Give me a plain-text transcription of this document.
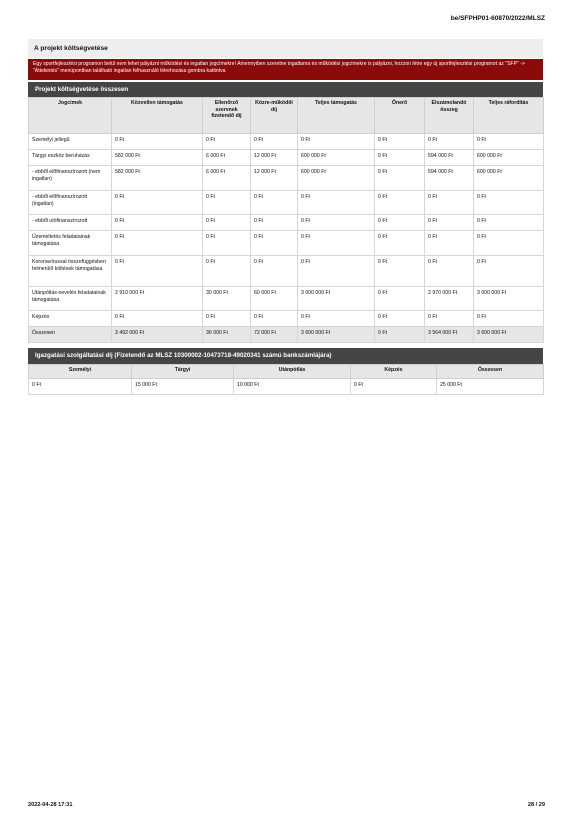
be/SFPHP01-60870/2022/MLSZ
A projekt költségvetése
Egy sportfejlesztési programon belül nem lehet pályázni működési és ingatlan jogcímekre! Amennyiben szeretne ingatlanra és működési jogcímekre is pályázni, hozzon létre egy új sportfejlesztési programot az "SFP" -> "Áttekintés" menüpontban található ingatlan felhasználó létrehozása gombra kattintva
Projekt költségvetése összesen
Jogcímek	Közvetlen támogatás	Ellenőrző szervnek fizetendő díj	Közre-működői díj	Teljes támogatás	Önerő	Elszámolandó összeg	Teljes ráfordítás
Személyi jellegű	0 Ft	0 Ft	0 Ft	0 Ft	0 Ft	0 Ft	0 Ft
Tárgyi eszköz beruházás	582 000 Ft	6 000 Ft	12 000 Ft	600 000 Ft	0 Ft	594 000 Ft	600 000 Ft
- ebből előfinanszírozott (nem ingatlan)	582 000 Ft	6 000 Ft	12 000 Ft	600 000 Ft	0 Ft	594 000 Ft	600 000 Ft
- ebből előfinanszírozott (ingatlan)	0 Ft	0 Ft	0 Ft	0 Ft	0 Ft	0 Ft	0 Ft
- ebből utófinanszírozott	0 Ft	0 Ft	0 Ft	0 Ft	0 Ft	0 Ft	0 Ft
Üzemeltetés feladatainak támogatása	0 Ft	0 Ft	0 Ft	0 Ft	0 Ft	0 Ft	0 Ft
Koronavírussal összefüggésben felmerülő költések támogatása	0 Ft	0 Ft	0 Ft	0 Ft	0 Ft	0 Ft	0 Ft
Utánpótlás-nevelés feladatainak támogatása	2 910 000 Ft	30 000 Ft	60 000 Ft	3 000 000 Ft	0 Ft	2 970 000 Ft	3 000 000 Ft
Képzés	0 Ft	0 Ft	0 Ft	0 Ft	0 Ft	0 Ft	0 Ft
Összesen	3 492 000 Ft	36 000 Ft	72 000 Ft	3 600 000 Ft	0 Ft	3 564 000 Ft	3 600 000 Ft
Igazgatási szolgáltatási díj (Fizetendő az MLSZ 10300002-10473718-49020341 számú bankszámlájára)
Személyi	Tárgyi	Utánpótlás	Képzés	Összesen
0 Ft	15 000 Ft	10 000 Ft	0 Ft	25 000 Ft
2022-04-28 17:31	28 / 29
